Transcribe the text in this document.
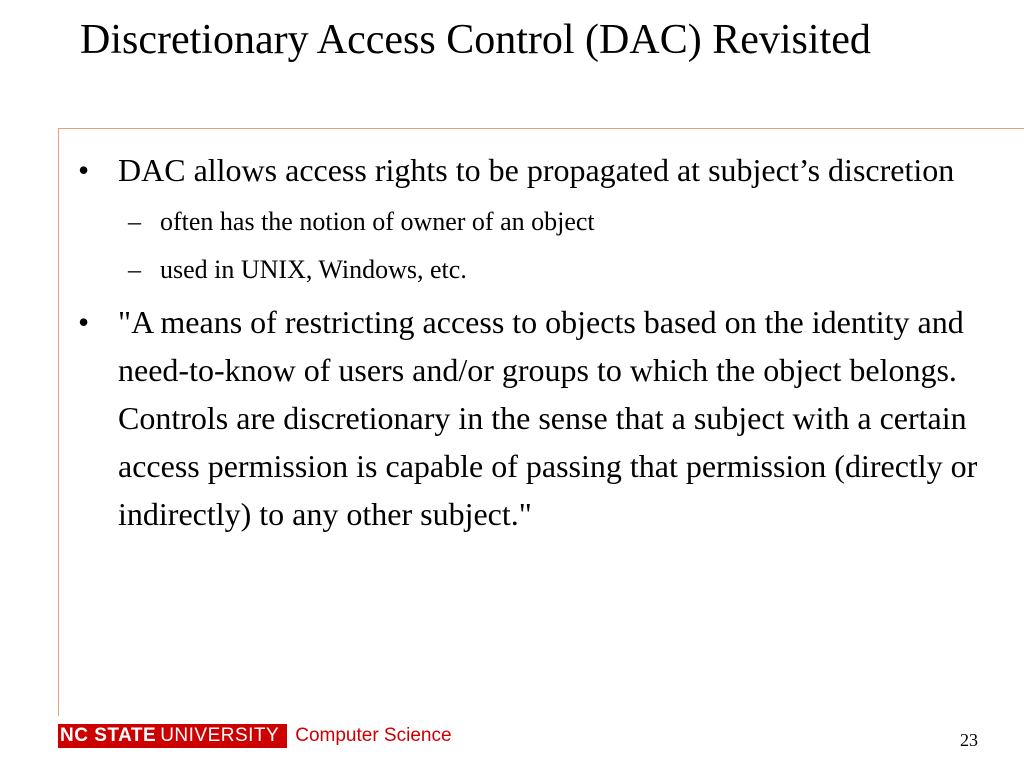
Discretionary Access Control (DAC) Revisited
• DAC allows access rights to be propagated at subject’s discretion
– often has the notion of owner of an object
– used in UNIX, Windows, etc.
• "A means of restricting access to objects based on the identity and need-to-know of users and/or groups to which the object belongs. Controls are discretionary in the sense that a subject with a certain access permission is capable of passing that permission (directly or indirectly) to any other subject."
NC STATE UNIVERSITY Computer Science	23
